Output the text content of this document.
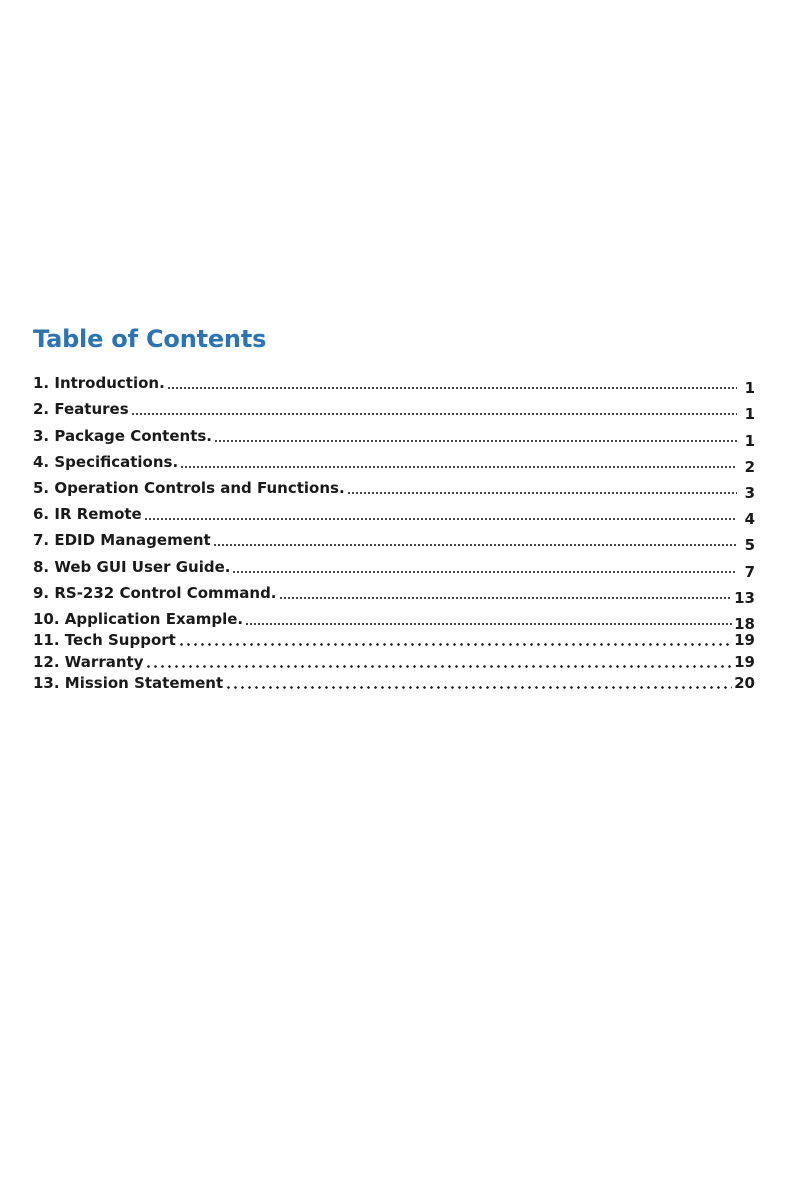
Table of Contents
1. Introduction.	1
2. Features	1
3. Package Contents.	1
4. Specifications.	2
5. Operation Controls and Functions.	3
6. IR Remote	4
7. EDID Management	5
8. Web GUI User Guide.	7
9. RS-232 Control Command.	13
10. Application Example.	18
11. Tech Support	19
12. Warranty	19
13. Mission Statement	20
